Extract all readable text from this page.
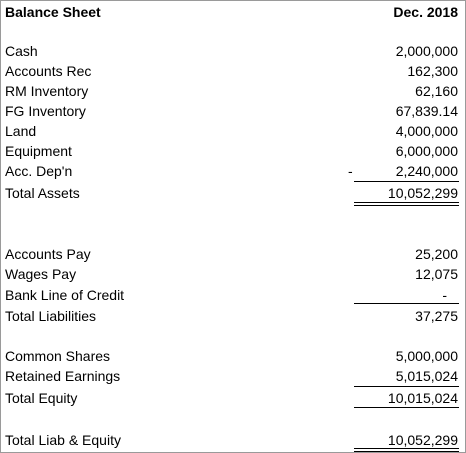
Balance Sheet	Dec. 2018
Cash	2,000,000
Accounts Rec	162,300
RM Inventory	62,160
FG Inventory	67,839.14
Land	4,000,000
Equipment	6,000,000
Acc. Dep'n	-	2,240,000
Total Assets	10,052,299
Accounts Pay	25,200
Wages Pay	12,075
Bank Line of Credit	-
Total Liabilities	37,275
Common Shares	5,000,000
Retained Earnings	5,015,024
Total Equity	10,015,024
Total Liab & Equity	10,052,299
